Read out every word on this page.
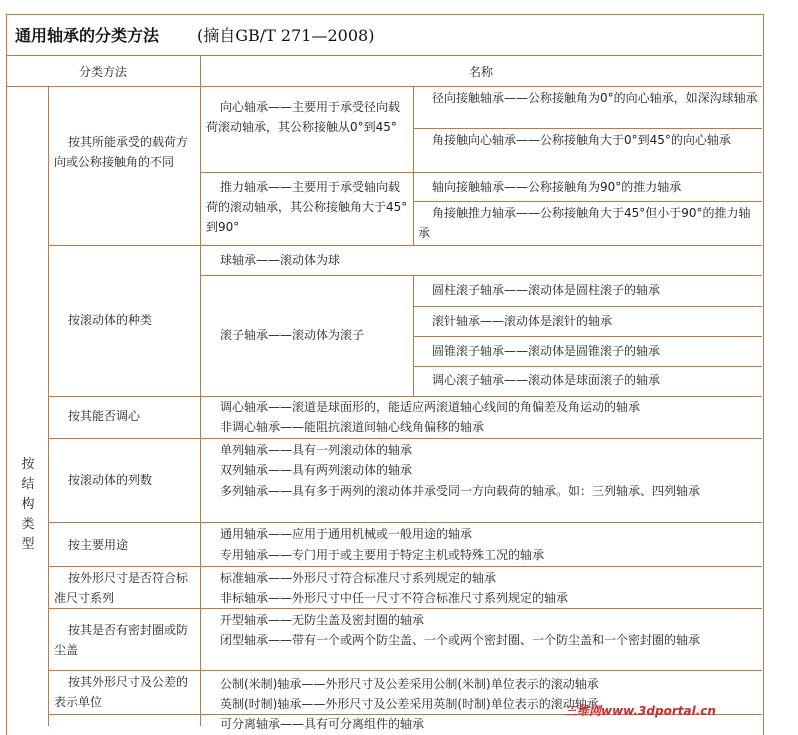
通用轴承的分类方法 (摘自GB/T 271—2008)
分类方法	名称
按
结
构
类
型
按其所能承受的载荷方向或公称接触角的不同
向心轴承——主要用于承受径向载荷滚动轴承，其公称接触从0°到45°
径向接触轴承——公称接触角为0°的向心轴承，如深沟球轴承
角接触向心轴承——公称接触角大于0°到45°的向心轴承
推力轴承——主要用于承受轴向载荷的滚动轴承，其公称接触角大于45°到90°
轴向接触轴承——公称接触角为90°的推力轴承
角接触推力轴承——公称接触角大于45°但小于90°的推力轴承
按滚动体的种类
球轴承——滚动体为球
滚子轴承——滚动体为滚子
圆柱滚子轴承——滚动体是圆柱滚子的轴承
滚针轴承——滚动体是滚针的轴承
圆锥滚子轴承——滚动体是圆锥滚子的轴承
调心滚子轴承——滚动体是球面滚子的轴承
按其能否调心
调心轴承——滚道是球面形的，能适应两滚道轴心线间的角偏差及角运动的轴承
非调心轴承——能阻抗滚道间轴心线角偏移的轴承
按滚动体的列数
单列轴承——具有一列滚动体的轴承
双列轴承——具有两列滚动体的轴承
多列轴承——具有多于两列的滚动体并承受同一方向载荷的轴承。如：三列轴承、四列轴承
按主要用途
通用轴承——应用于通用机械或一般用途的轴承
专用轴承——专门用于或主要用于特定主机或特殊工况的轴承
按外形尺寸是否符合标准尺寸系列
标准轴承——外形尺寸符合标准尺寸系列规定的轴承
非标轴承——外形尺寸中任一尺寸不符合标准尺寸系列规定的轴承
按其是否有密封圈或防尘盖
开型轴承——无防尘盖及密封圈的轴承
闭型轴承——带有一个或两个防尘盖、一个或两个密封圈、一个防尘盖和一个密封圈的轴承
按其外形尺寸及公差的表示单位
公制(米制)轴承——外形尺寸及公差采用公制(米制)单位表示的滚动轴承
英制(时制)轴承——外形尺寸及公差采用英制(时制)单位表示的滚动轴承
可分离轴承——具有可分离组件的轴承
三维网www.3dportal.cn
